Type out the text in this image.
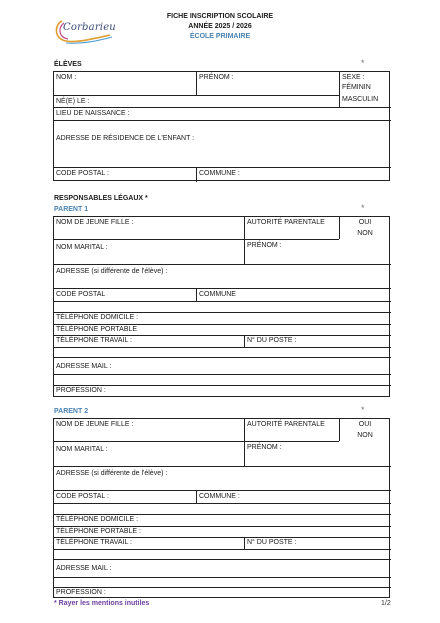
Corbarieu
FICHE INSCRIPTION SCOLAIRE
ANNÉE 2025 / 2026
ÉCOLE PRIMAIRE
ÉLÈVES	*
NOM :	PRÉNOM :	SEXE :
FÉMININ
MASCULIN
NÉ(E) LE :
LIEU DE NAISSANCE :
ADRESSE DE RÉSIDENCE DE L'ENFANT :
CODE POSTAL :	COMMUNE :
RESPONSABLES LÉGAUX *
PARENT 1	*
NOM DE JEUNE FILLE :	AUTORITÉ PARENTALE	OUI
NON
NOM MARITAL :	PRÉNOM :
ADRESSE (si différente de l'élève) :
CODE POSTAL	COMMUNE
TÉLÉPHONE DOMICILE :
TÉLÉPHONE PORTABLE
TÉLÉPHONE TRAVAIL :	N° DU POSTE :
ADRESSE MAIL :
PROFESSION :
PARENT 2	*
NOM DE JEUNE FILLE :	AUTORITÉ PARENTALE	OUI
NON
NOM MARITAL :	PRÉNOM :
ADRESSE (si différente de l'élève) :
CODE POSTAL :	COMMUNE :
TÉLÉPHONE DOMICILE :
TÉLÉPHONE PORTABLE :
TÉLÉPHONE TRAVAIL :	N° DU POSTE :
ADRESSE MAIL :
PROFESSION :
* Rayer les mentions inutiles	1/2
